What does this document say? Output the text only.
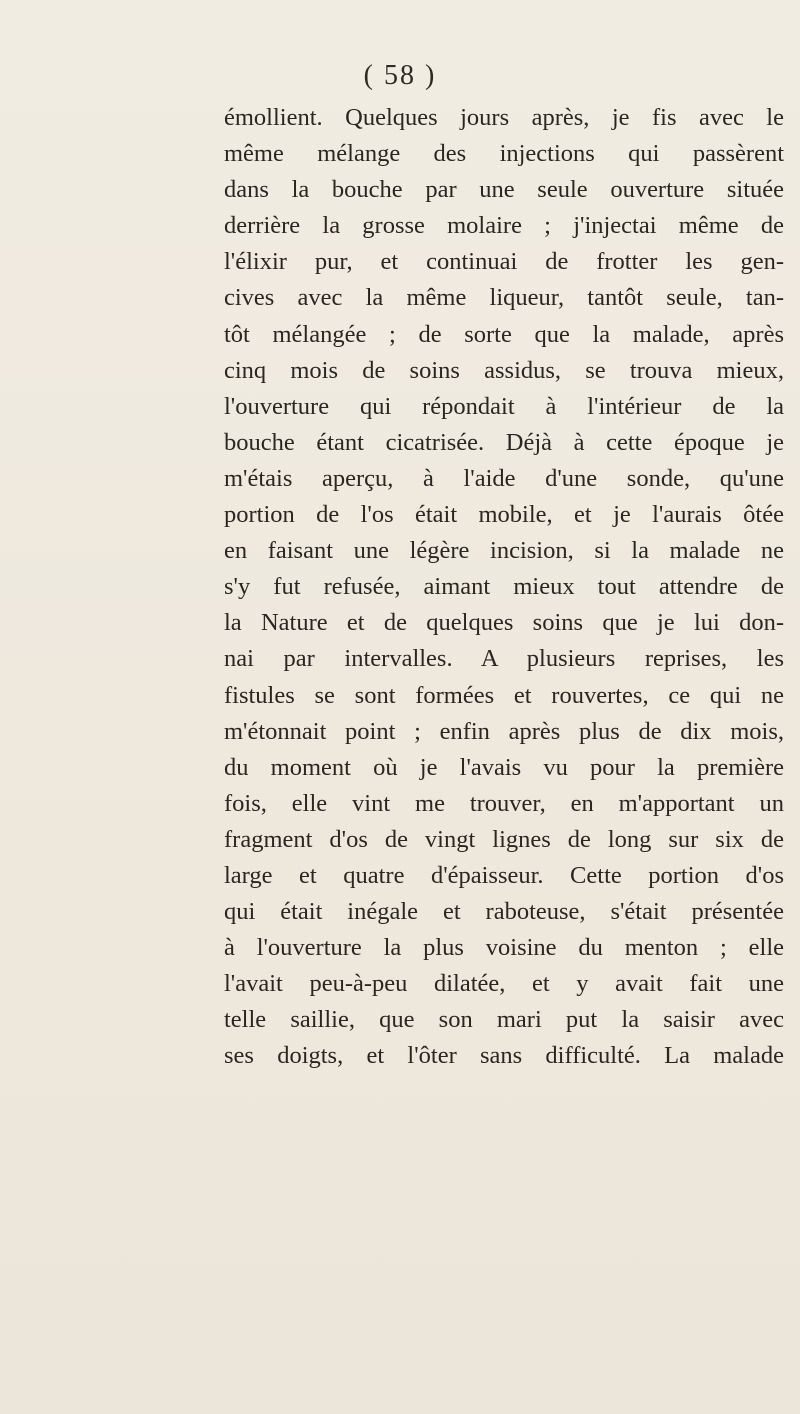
( 58 )
émollient. Quelques jours après, je fis avec le
même mélange des injections qui passèrent
dans la bouche par une seule ouverture située
derrière la grosse molaire ; j'injectai même de
l'élixir pur, et continuai de frotter les gen-
cives avec la même liqueur, tantôt seule, tan-
tôt mélangée ; de sorte que la malade, après
cinq mois de soins assidus, se trouva mieux,
l'ouverture qui répondait à l'intérieur de la
bouche étant cicatrisée. Déjà à cette époque je
m'étais aperçu, à l'aide d'une sonde, qu'une
portion de l'os était mobile, et je l'aurais ôtée
en faisant une légère incision, si la malade ne
s'y fut refusée, aimant mieux tout attendre de
la Nature et de quelques soins que je lui don-
nai par intervalles. A plusieurs reprises, les
fistules se sont formées et rouvertes, ce qui ne
m'étonnait point ; enfin après plus de dix mois,
du moment où je l'avais vu pour la première
fois, elle vint me trouver, en m'apportant un
fragment d'os de vingt lignes de long sur six de
large et quatre d'épaisseur. Cette portion d'os
qui était inégale et raboteuse, s'était présentée
à l'ouverture la plus voisine du menton ; elle
l'avait peu-à-peu dilatée, et y avait fait une
telle saillie, que son mari put la saisir avec
ses doigts, et l'ôter sans difficulté. La malade
